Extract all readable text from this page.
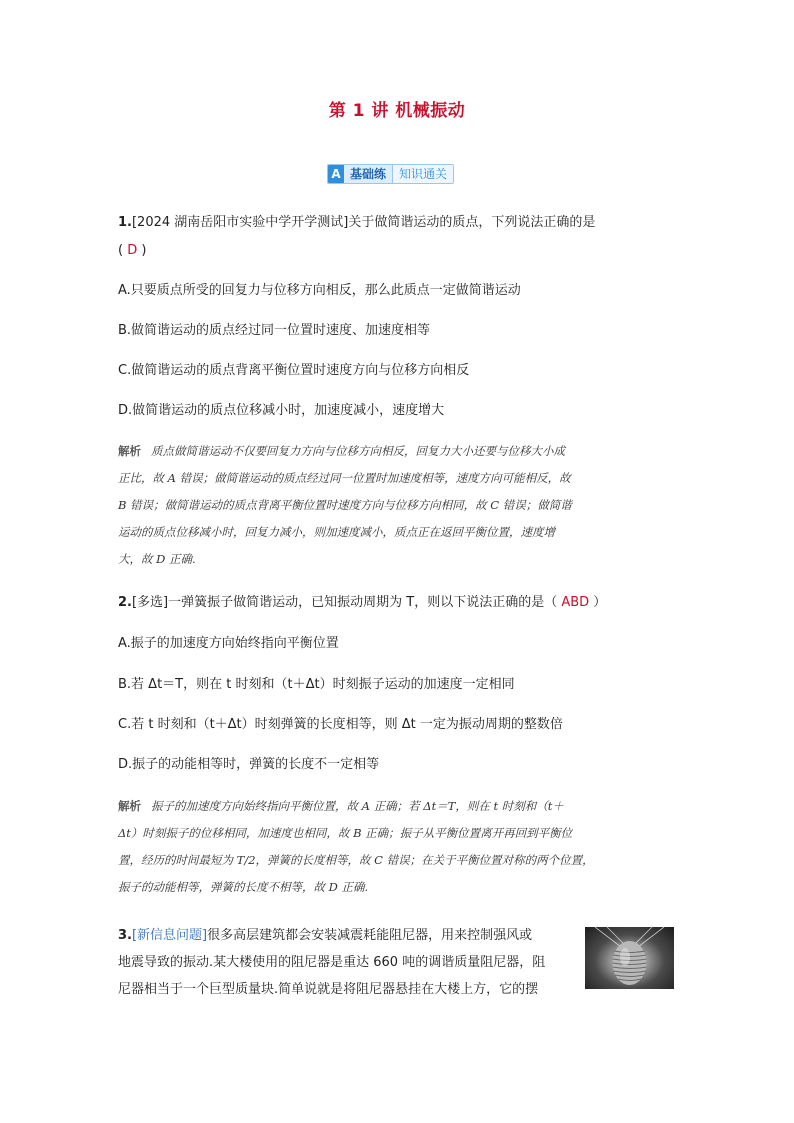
第 1 讲 机械振动
A 基础练	知识通关
1.[2024 湖南岳阳市实验中学开学测试]关于做简谐运动的质点，下列说法正确的是
( D )
A.只要质点所受的回复力与位移方向相反，那么此质点一定做简谐运动
B.做简谐运动的质点经过同一位置时速度、加速度相等
C.做简谐运动的质点背离平衡位置时速度方向与位移方向相反
D.做简谐运动的质点位移减小时，加速度减小，速度增大
解析 质点做简谐运动不仅要回复力方向与位移方向相反，回复力大小还要与位移大小成
正比，故 A 错误；做简谐运动的质点经过同一位置时加速度相等，速度方向可能相反，故
B 错误；做简谐运动的质点背离平衡位置时速度方向与位移方向相同，故 C 错误；做简谐
运动的质点位移减小时，回复力减小，则加速度减小，质点正在返回平衡位置，速度增
大，故 D 正确.
2.[多选]一弹簧振子做简谐运动，已知振动周期为 T，则以下说法正确的是（ ABD ）
A.振子的加速度方向始终指向平衡位置
B.若 Δt＝T，则在 t 时刻和（t＋Δt）时刻振子运动的加速度一定相同
C.若 t 时刻和（t＋Δt）时刻弹簧的长度相等，则 Δt 一定为振动周期的整数倍
D.振子的动能相等时，弹簧的长度不一定相等
解析 振子的加速度方向始终指向平衡位置，故 A 正确；若 Δt＝T，则在 t 时刻和（t＋
Δt）时刻振子的位移相同，加速度也相同，故 B 正确；振子从平衡位置离开再回到平衡位
置，经历的时间最短为 T/2，弹簧的长度相等，故 C 错误；在关于平衡位置对称的两个位置，
振子的动能相等，弹簧的长度不相等，故 D 正确.
3.[新信息问题]很多高层建筑都会安装减震耗能阻尼器，用来控制强风或
地震导致的振动.某大楼使用的阻尼器是重达 660 吨的调谐质量阻尼器，阻
尼器相当于一个巨型质量块.简单说就是将阻尼器悬挂在大楼上方，它的摆
